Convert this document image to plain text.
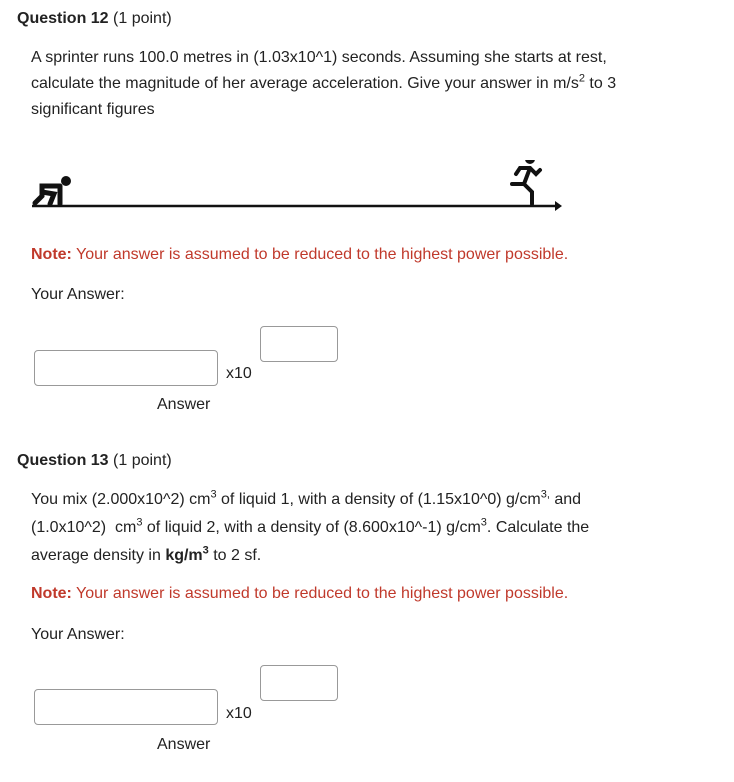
Question 12 (1 point)
A sprinter runs 100.0 metres in (1.03x10^1) seconds. Assuming she starts at rest,
calculate the magnitude of her average acceleration. Give your answer in $m/s^2$ to 3
significant figures
Note: Your answer is assumed to be reduced to the highest power possible.
Your Answer:
x10
Answer
Question 13 (1 point)
You mix (2.000x10^2) $cm^3$ of liquid 1, with a density of (1.15x10^0) $g/cm^{3,}$ and
(1.0x10^2)  $cm^3$ of liquid 2, with a density of (8.600x10^-1) $g/cm^3$. Calculate the
average density in $kg/m^3$ to 2 sf.
Note: Your answer is assumed to be reduced to the highest power possible.
Your Answer:
x10
Answer
